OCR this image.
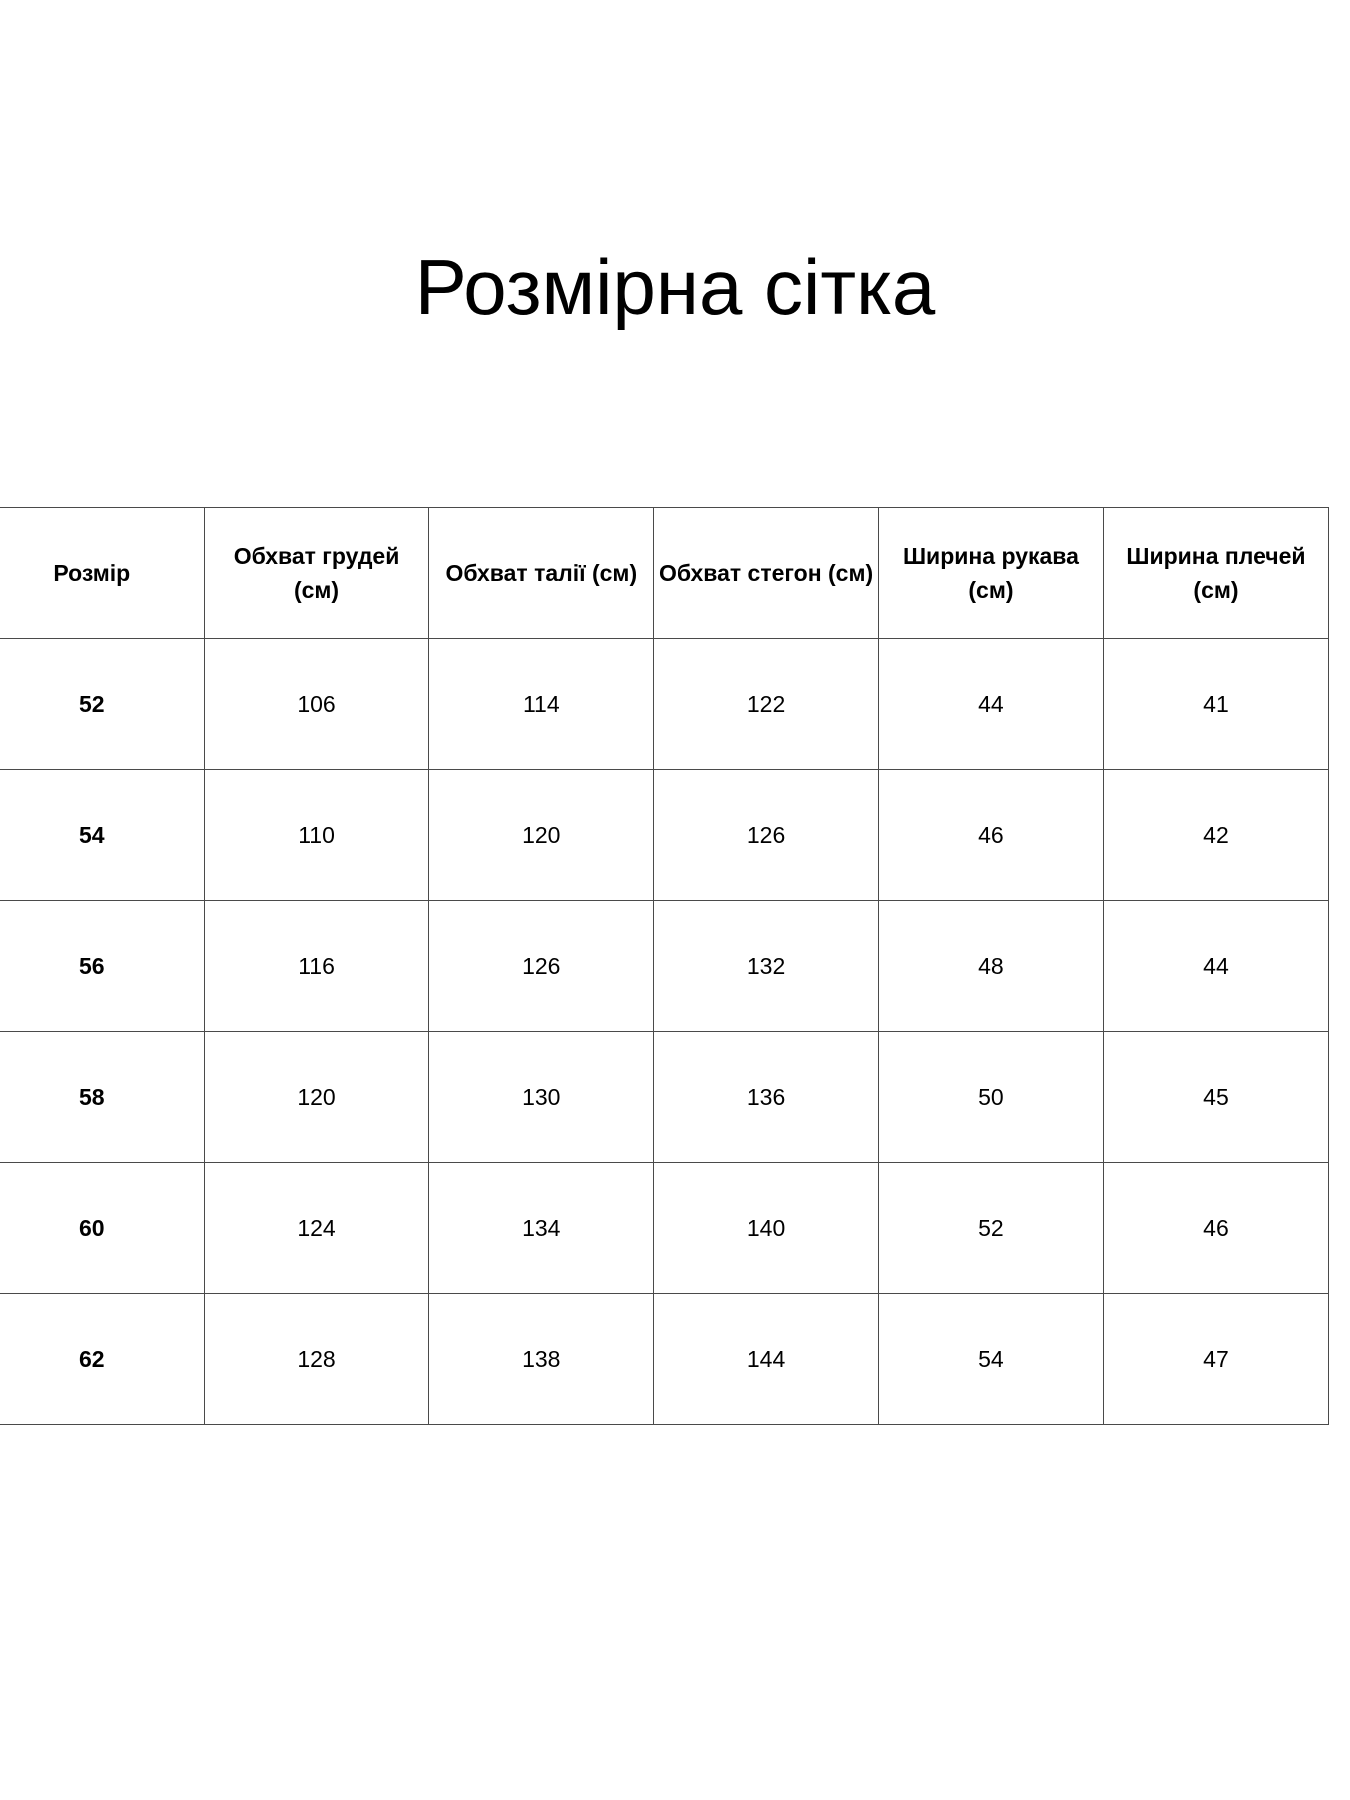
Розмірна сітка
Розмір	Обхват грудей (см)	Обхват талії (см)	Обхват стегон (см)	Ширина рукава (см)	Ширина плечей (см)
52	106	114	122	44	41
54	110	120	126	46	42
56	116	126	132	48	44
58	120	130	136	50	45
60	124	134	140	52	46
62	128	138	144	54	47
